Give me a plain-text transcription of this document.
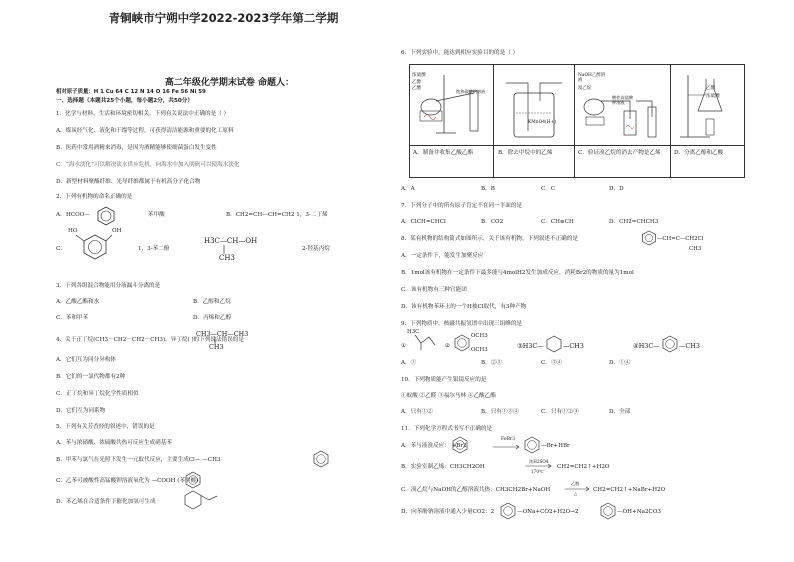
青铜峡市宁朔中学2022-2023学年第二学期
高二年级化学期末试卷 命题人：
相对原子质量：H 1 Cu 64 C 12 N 14 O 16 Fe 56 Ni 59
一、选择题（本题共25个小题，每小题2分，共50分）
1．化学与材料、生活和环境密切相关。下列有关说法中正确的是（ ）
A．煤炭经气化、液化和干馏等过程，可获得清洁能源和重要的化工原料
B．医药中常用酒精来消毒，是因为酒精能够使细菌蛋白发生变性
C．“海水淡化”可以解决淡水供应危机，向海水中加入明矾可以使海水淡化
D．新型材料聚酯纤维、光导纤维都属于有机高分子化合物
2．下列有机物的命名正确的是
A． HCOO—	苯甲酸	B．CH2=CH—CH=CH2 1，3-二丁烯
C．
HO	OH
1，3-苯二酚
H3C—CH—OH
CH3
2-羟基丙烷
3．下列各组混合物能用分液漏斗分离的是
A．乙酸乙酯和水	B．乙醇和乙烷
C．苯和甲苯	D．丙烯和乙醇
CH3—CH—CH3
4．关于正丁烷(CH3－CH2－CH2－CH3)、异丁烷( )的下列说法错误的是
CH3
A．它们互为同分异构体
B．它们的一氯代物都有2种
C．正丁烷和异丁烷化学性质相似
D．它们互为同系物
5．下列有关芳香烃的叙述中，错误的是
A．苯与浓硝酸、浓硫酸共热可反应生成硝基苯
B．甲苯与氯气在光照下发生一元取代反应，主要生成Cl— —CH3
C．乙苯可被酸性高锰酸钾溶液氧化为 —COOH (苯甲酸)
D．苯乙烯在合适条件下催化加氢可生成
6．下列实验中，能达到相应实验目的的是（ ）
浓硫酸
乙醇
乙酸
饱和碳酸钠溶液
KMnO4(H+)
NaOH乙醇溶液
溴乙烷
酸性高锰酸钾溶液
乙醇
浓硫酸
A．制备并收集乙酸乙酯	B．除去甲烷中的乙烯	C．验证溴乙烷的消去产物是乙烯	D．分离乙醇和乙酸
A．A	B．B	C．C	D．D
7．下列分子中的所有原子肯定不在同一平面的是
A．ClCH=CHCl	B．CO2	C．CH≡CH	D．CH2=CHCH3
8．某有机物的结构简式如图所示，关于该有机物，下列叙述不正确的是	—CH=C—CH2Cl
CH3
A．一定条件下，能发生加聚反应
B．1mol该有机物在一定条件下最多能与4molH2发生加成反应，消耗Br2的物质的量为1mol
C．该有机物有三种官能团
D．该有机物苯环上的一个H被Cl取代，有3种产物
9．下列物质中，核磁共振氢谱中出现三组峰的是
H3C
①	②
OCH3
OCH3	③H3C—	—CH3	④H3C—	—CH3
A．①	B．②③	C．③④	D．①④
10．下列物质能产生银镜反应的是
①蚁酸 ②乙醛 ③福尔马林 ④乙酸乙酯
A．只有①②	B．只有①③④	C．只有①②③	D．全部
11．下列化学方程式书写不正确的是
A．苯与液溴反应： +Br2
FeBr3
—Br+HBr
B．实验室制乙烯：CH3CH2OH
浓H2SO4
170℃
CH2=CH2↑+H2O
C．溴乙烷与NaOH的乙醇溶液共热：CH3CH2Br+NaOH
乙醇
△
CH2=CH2↑+NaBr+H2O
D．向苯酚钠溶液中通入少量CO2：2	—ONa+CO2+H2O→2	—OH+Na2CO3
